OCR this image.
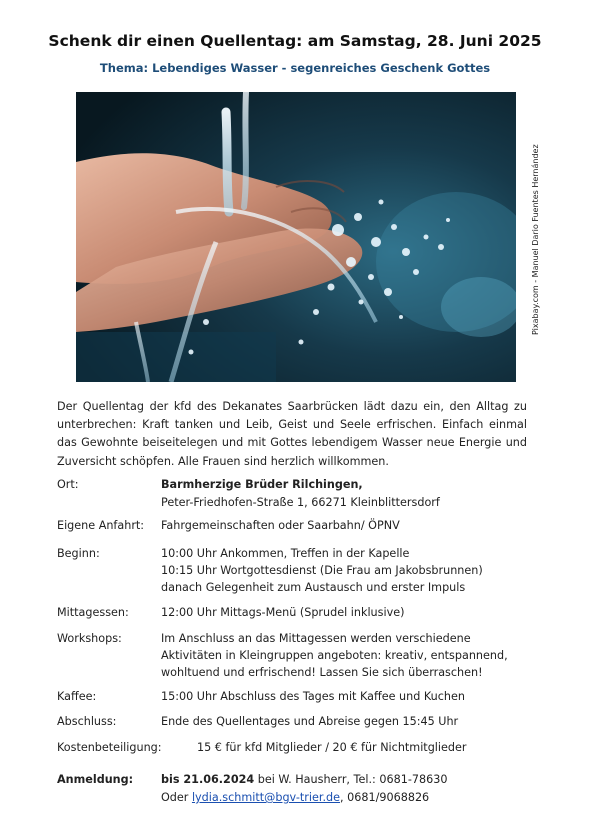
Schenk dir einen Quellentag: am Samstag, 28. Juni 2025
Thema: Lebendiges Wasser - segenreiches Geschenk Gottes
Pixabay.com - Manuel Dario Fuentes Hernández
Der Quellentag der kfd des Dekanates Saarbrücken lädt dazu ein, den Alltag zu unterbrechen: Kraft tanken und Leib, Geist und Seele erfrischen. Einfach einmal das Gewohnte beiseitelegen und mit Gottes lebendigem Wasser neue Energie und Zuversicht schöpfen. Alle Frauen sind herzlich willkommen.
Ort:	Barmherzige Brüder Rilchingen,
Peter-Friedhofen-Straße 1, 66271 Kleinblittersdorf
Eigene Anfahrt: Fahrgemeinschaften oder Saarbahn/ ÖPNV
Beginn:	10:00 Uhr Ankommen, Treffen in der Kapelle
10:15 Uhr Wortgottesdienst (Die Frau am Jakobsbrunnen)
danach Gelegenheit zum Austausch und erster Impuls
Mittagessen:	12:00 Uhr Mittags-Menü (Sprudel inklusive)
Workshops:	Im Anschluss an das Mittagessen werden verschiedene
Aktivitäten in Kleingruppen angeboten: kreativ, entspannend,
wohltuend und erfrischend! Lassen Sie sich überraschen!
Kaffee:	15:00 Uhr Abschluss des Tages mit Kaffee und Kuchen
Abschluss:	Ende des Quellentages und Abreise gegen 15:45 Uhr
Kostenbeteiligung:	15 € für kfd Mitglieder / 20 € für Nichtmitglieder
Anmeldung: bis 21.06.2024 bei W. Hausherr, Tel.: 0681-78630
Oder lydia.schmitt@bgv-trier.de, 0681/9068826
